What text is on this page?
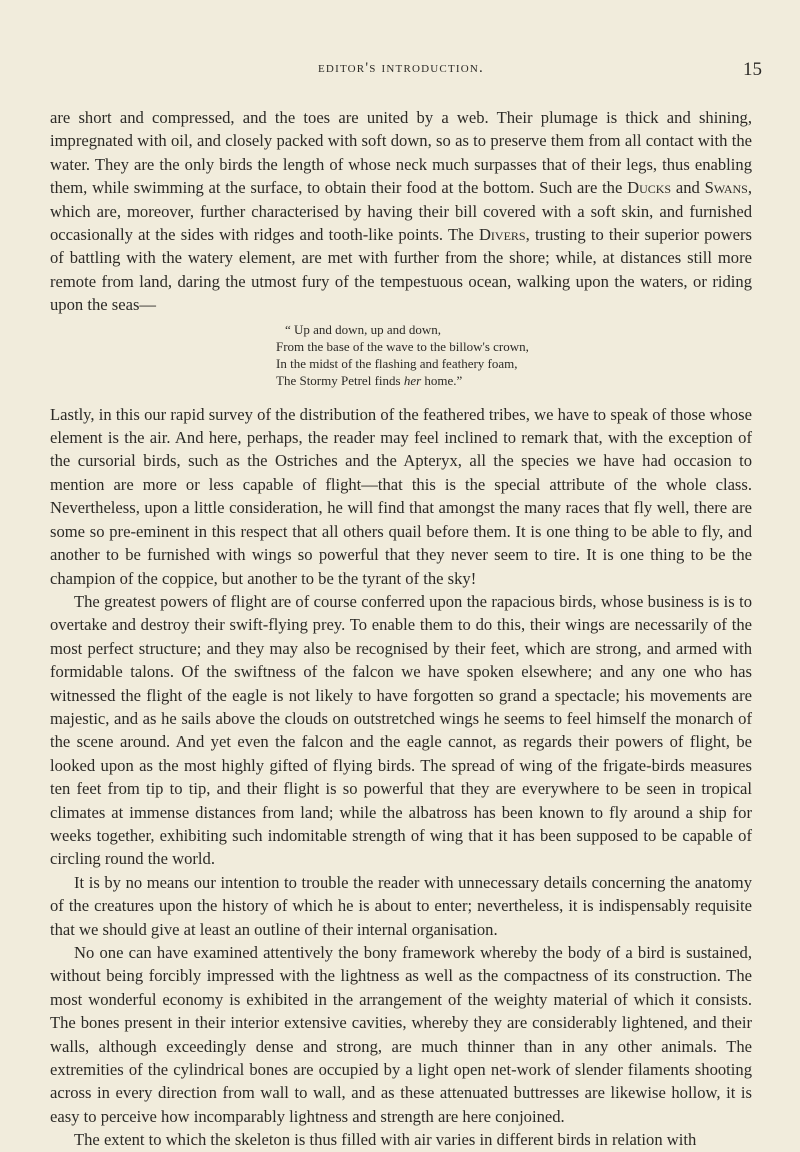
editor's introduction.	15

are short and compressed, and the toes are united by a web. Their plumage is thick and shining, impregnated with oil, and closely packed with soft down, so as to preserve them from all contact with the water. They are the only birds the length of whose neck much surpasses that of their legs, thus enabling them, while swimming at the surface, to obtain their food at the bottom. Such are the Ducks and Swans, which are, moreover, further characterised by having their bill covered with a soft skin, and furnished occasionally at the sides with ridges and tooth-like points. The Divers, trusting to their superior powers of battling with the watery element, are met with further from the shore; while, at distances still more remote from land, daring the utmost fury of the tempestuous ocean, walking upon the waters, or riding upon the seas—

“ Up and down, up and down,
From the base of the wave to the billow's crown,
In the midst of the flashing and feathery foam,
The Stormy Petrel finds her home.”

Lastly, in this our rapid survey of the distribution of the feathered tribes, we have to speak of those whose element is the air. And here, perhaps, the reader may feel inclined to remark that, with the exception of the cursorial birds, such as the Ostriches and the Apteryx, all the species we have had occasion to mention are more or less capable of flight—that this is the special attribute of the whole class. Nevertheless, upon a little consideration, he will find that amongst the many races that fly well, there are some so pre-eminent in this respect that all others quail before them. It is one thing to be able to fly, and another to be furnished with wings so powerful that they never seem to tire. It is one thing to be the champion of the coppice, but another to be the tyrant of the sky!

The greatest powers of flight are of course conferred upon the rapacious birds, whose business is is to overtake and destroy their swift-flying prey. To enable them to do this, their wings are necessarily of the most perfect structure; and they may also be recognised by their feet, which are strong, and armed with formidable talons. Of the swiftness of the falcon we have spoken elsewhere; and any one who has witnessed the flight of the eagle is not likely to have forgotten so grand a spectacle; his movements are majestic, and as he sails above the clouds on outstretched wings he seems to feel himself the monarch of the scene around. And yet even the falcon and the eagle cannot, as regards their powers of flight, be looked upon as the most highly gifted of flying birds. The spread of wing of the frigate-birds measures ten feet from tip to tip, and their flight is so powerful that they are everywhere to be seen in tropical climates at immense distances from land; while the albatross has been known to fly around a ship for weeks together, exhibiting such indomitable strength of wing that it has been supposed to be capable of circling round the world.

It is by no means our intention to trouble the reader with unnecessary details concerning the anatomy of the creatures upon the history of which he is about to enter; nevertheless, it is indispensably requisite that we should give at least an outline of their internal organisation.

No one can have examined attentively the bony framework whereby the body of a bird is sustained, without being forcibly impressed with the lightness as well as the compactness of its construction. The most wonderful economy is exhibited in the arrangement of the weighty material of which it consists. The bones present in their interior extensive cavities, whereby they are considerably lightened, and their walls, although exceedingly dense and strong, are much thinner than in any other animals. The extremities of the cylindrical bones are occupied by a light open net-work of slender filaments shooting across in every direction from wall to wall, and as these attenuated buttresses are likewise hollow, it is easy to perceive how incomparably lightness and strength are here conjoined.

The extent to which the skeleton is thus filled with air varies in different birds in relation with
